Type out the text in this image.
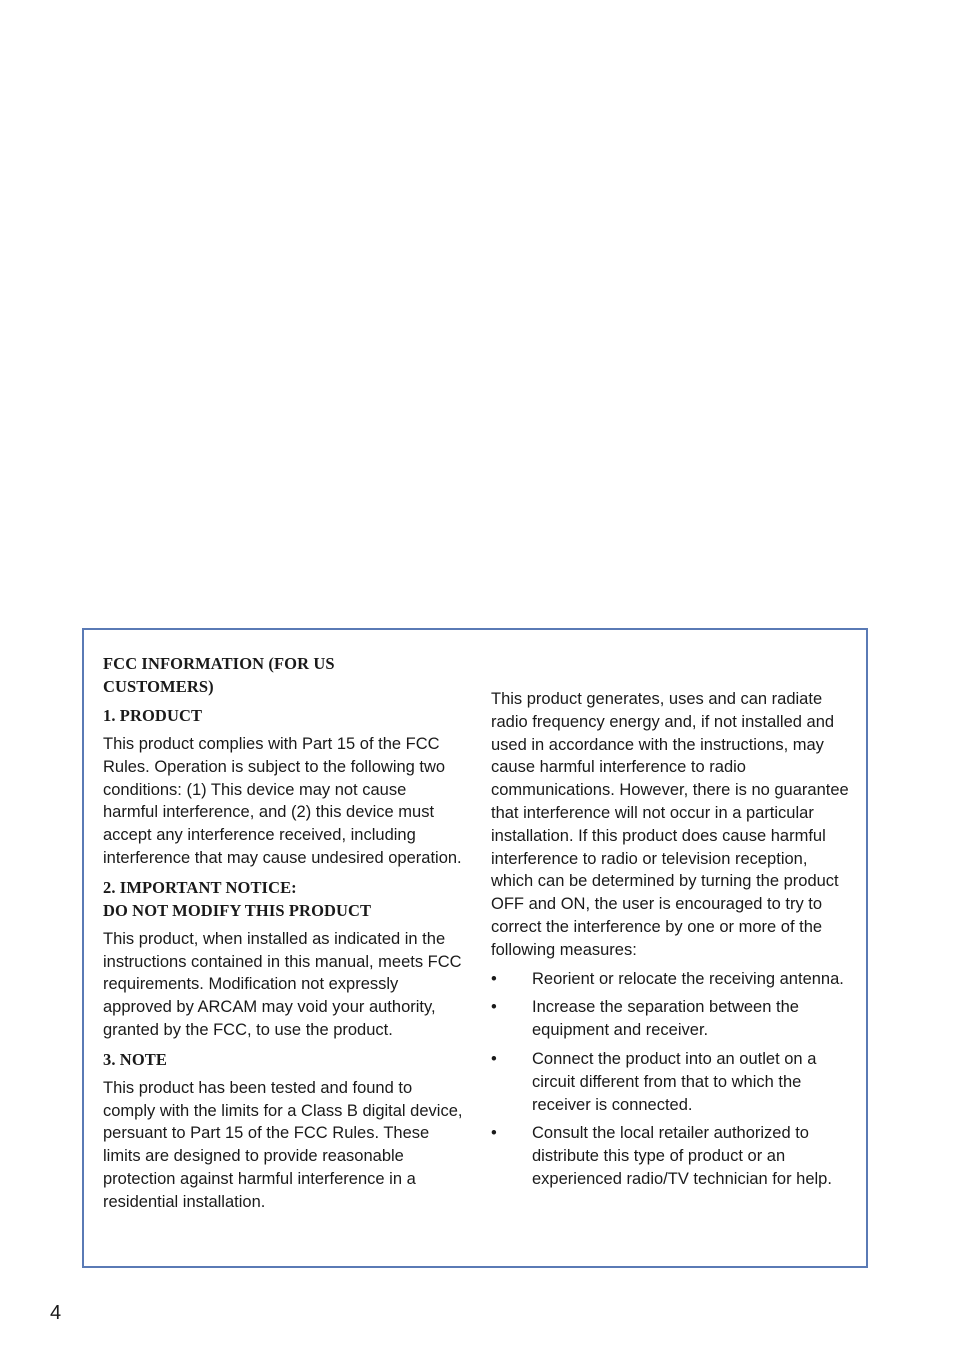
FCC INFORMATION (FOR US
CUSTOMERS)
1. PRODUCT

This product complies with Part 15 of the FCC Rules. Operation is subject to the following two conditions: (1) This device may not cause harmful interference, and (2) this device must accept any interference received, including interference that may cause undesired operation.

2. IMPORTANT NOTICE:
DO NOT MODIFY THIS PRODUCT

This product, when installed as indicated in the instructions contained in this manual, meets FCC requirements. Modification not expressly approved by ARCAM may void your authority, granted by the FCC, to use the product.

3. NOTE

This product has been tested and found to comply with the limits for a Class B digital device, persuant to Part 15 of the FCC Rules. These limits are designed to provide reasonable protection against harmful interference in a residential installation.

This product generates, uses and can radiate radio frequency energy and, if not installed and used in accordance with the instructions, may cause harmful interference to radio communications. However, there is no guarantee that interference will not occur in a particular installation. If this product does cause harmful interference to radio or television reception, which can be determined by turning the product OFF and ON, the user is encouraged to try to correct the interference by one or more of the following measures:

•	Reorient or relocate the receiving antenna.
•	Increase the separation between the equipment and receiver.
•	Connect the product into an outlet on a circuit different from that to which the receiver is connected.
•	Consult the local retailer authorized to distribute this type of product or an experienced radio/TV technician for help.
4
